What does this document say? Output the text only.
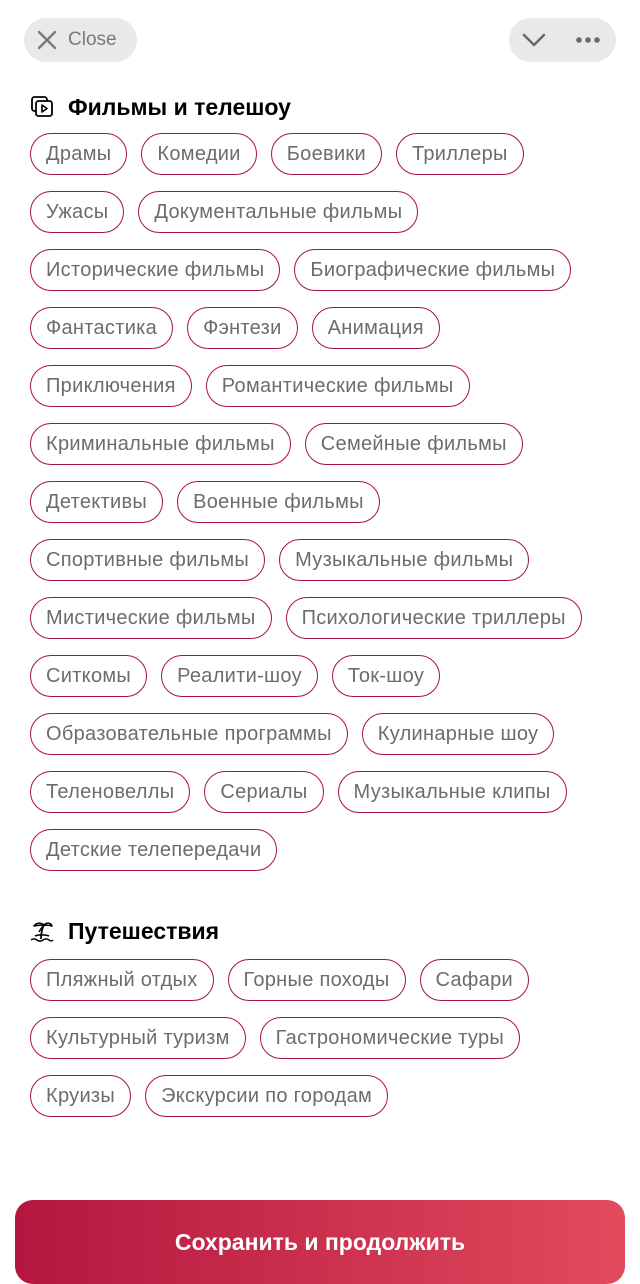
Close
Фильмы и телешоу
Драмы	Комедии	Боевики	Триллеры
Ужасы	Документальные фильмы
Исторические фильмы	Биографические фильмы
Фантастика	Фэнтези	Анимация
Приключения	Романтические фильмы
Криминальные фильмы	Семейные фильмы
Детективы	Военные фильмы
Спортивные фильмы	Музыкальные фильмы
Мистические фильмы	Психологические триллеры
Ситкомы	Реалити-шоу	Ток-шоу
Образовательные программы	Кулинарные шоу
Теленовеллы	Сериалы	Музыкальные клипы
Детские телепередачи
Путешествия
Пляжный отдых	Горные походы	Сафари
Культурный туризм	Гастрономические туры
Круизы	Экскурсии по городам
Сохранить и продолжить
